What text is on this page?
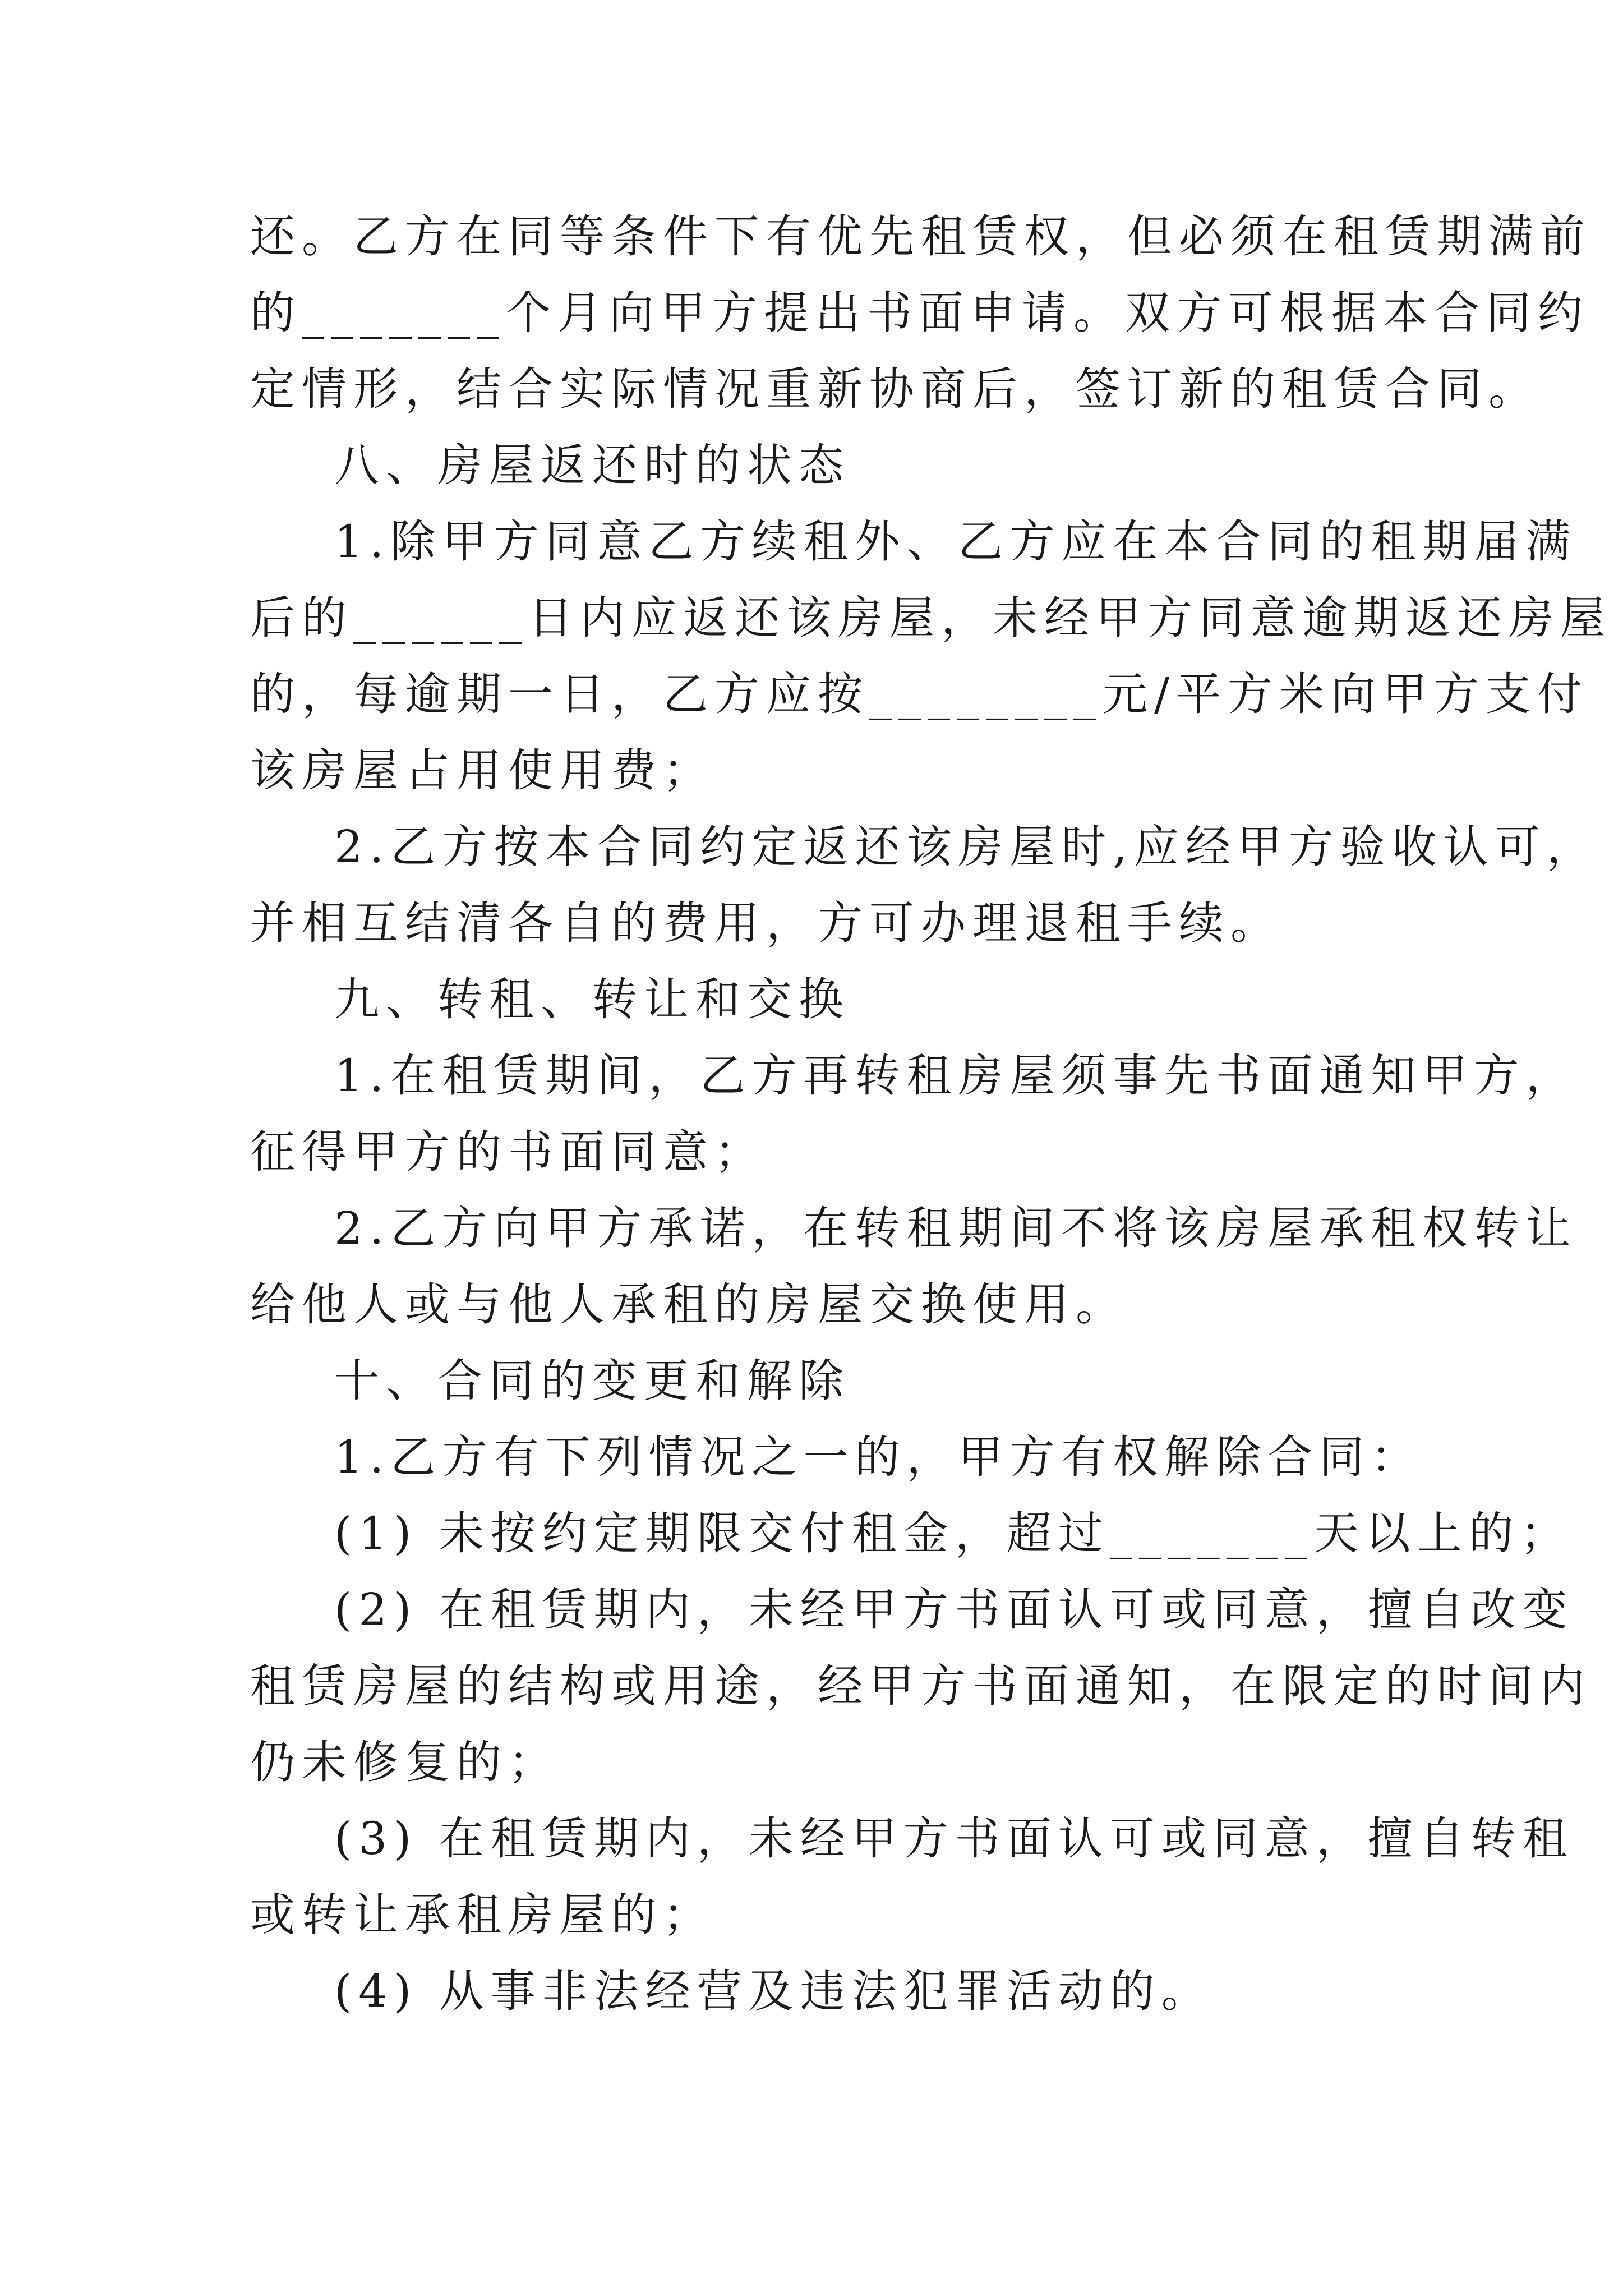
还。乙方在同等条件下有优先租赁权，但必须在租赁期满前

的_______个月向甲方提出书面申请。双方可根据本合同约

定情形，结合实际情况重新协商后，签订新的租赁合同。

八、房屋返还时的状态

1.除甲方同意乙方续租外、乙方应在本合同的租期届满

后的______日内应返还该房屋，未经甲方同意逾期返还房屋

的，每逾期一日，乙方应按________元/平方米向甲方支付

该房屋占用使用费；

2.乙方按本合同约定返还该房屋时,应经甲方验收认可，

并相互结清各自的费用，方可办理退租手续。

九、转租、转让和交换

1.在租赁期间，乙方再转租房屋须事先书面通知甲方，

征得甲方的书面同意；

2.乙方向甲方承诺，在转租期间不将该房屋承租权转让

给他人或与他人承租的房屋交换使用。

十、合同的变更和解除

1.乙方有下列情况之一的，甲方有权解除合同：

(1) 未按约定期限交付租金，超过_______天以上的；

(2) 在租赁期内，未经甲方书面认可或同意，擅自改变

租赁房屋的结构或用途，经甲方书面通知，在限定的时间内

仍未修复的；

(3) 在租赁期内，未经甲方书面认可或同意，擅自转租

或转让承租房屋的；

(4) 从事非法经营及违法犯罪活动的。
